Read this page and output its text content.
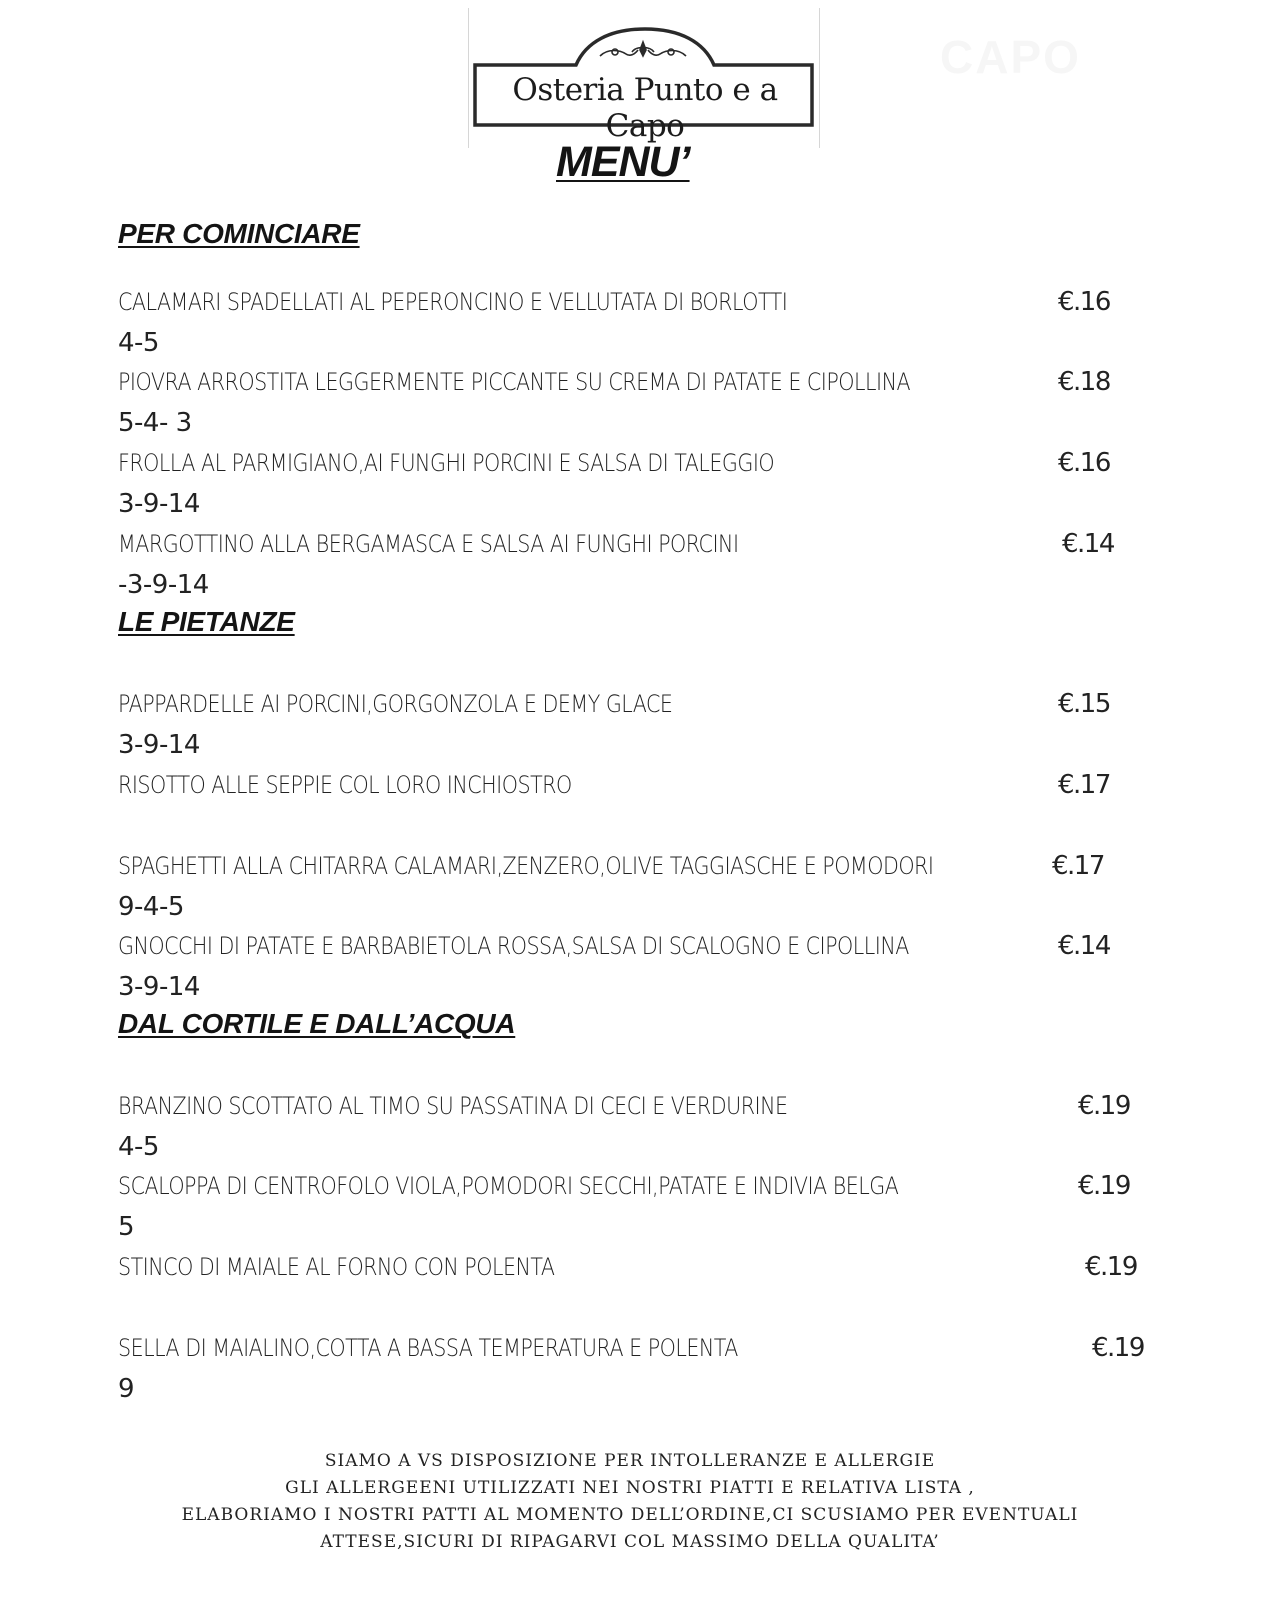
Osteria Punto e a Capo
CAPO
MENU’
PER COMINCIARE
CALAMARI SPADELLATI AL PEPERONCINO E VELLUTATA DI BORLOTTI	€.16
4-5
PIOVRA ARROSTITA LEGGERMENTE PICCANTE SU CREMA DI PATATE E CIPOLLINA	€.18
5-4- 3
FROLLA AL PARMIGIANO,AI FUNGHI PORCINI E SALSA DI TALEGGIO	€.16
3-9-14
MARGOTTINO ALLA BERGAMASCA E SALSA AI FUNGHI PORCINI	€.14
-3-9-14
LE PIETANZE
PAPPARDELLE AI PORCINI,GORGONZOLA E DEMY GLACE	€.15
3-9-14
RISOTTO ALLE SEPPIE COL LORO INCHIOSTRO	€.17
SPAGHETTI ALLA CHITARRA CALAMARI,ZENZERO,OLIVE TAGGIASCHE E POMODORI	€.17
9-4-5
GNOCCHI DI PATATE E BARBABIETOLA ROSSA,SALSA DI SCALOGNO E CIPOLLINA	€.14
3-9-14
DAL CORTILE E DALL’ACQUA
BRANZINO SCOTTATO AL TIMO SU PASSATINA DI CECI E VERDURINE	€.19
4-5
SCALOPPA DI CENTROFOLO VIOLA,POMODORI SECCHI,PATATE E INDIVIA BELGA	€.19
5
STINCO DI MAIALE AL FORNO CON POLENTA	€.19
SELLA DI MAIALINO,COTTA A BASSA TEMPERATURA E POLENTA	€.19
9
SIAMO A VS DISPOSIZIONE PER INTOLLERANZE E ALLERGIE
GLI ALLERGEENI UTILIZZATI NEI NOSTRI PIATTI E RELATIVA LISTA ,
ELABORIAMO I NOSTRI PATTI AL MOMENTO DELL’ORDINE,CI SCUSIAMO PER EVENTUALI
ATTESE,SICURI DI RIPAGARVI COL MASSIMO DELLA QUALITA’
